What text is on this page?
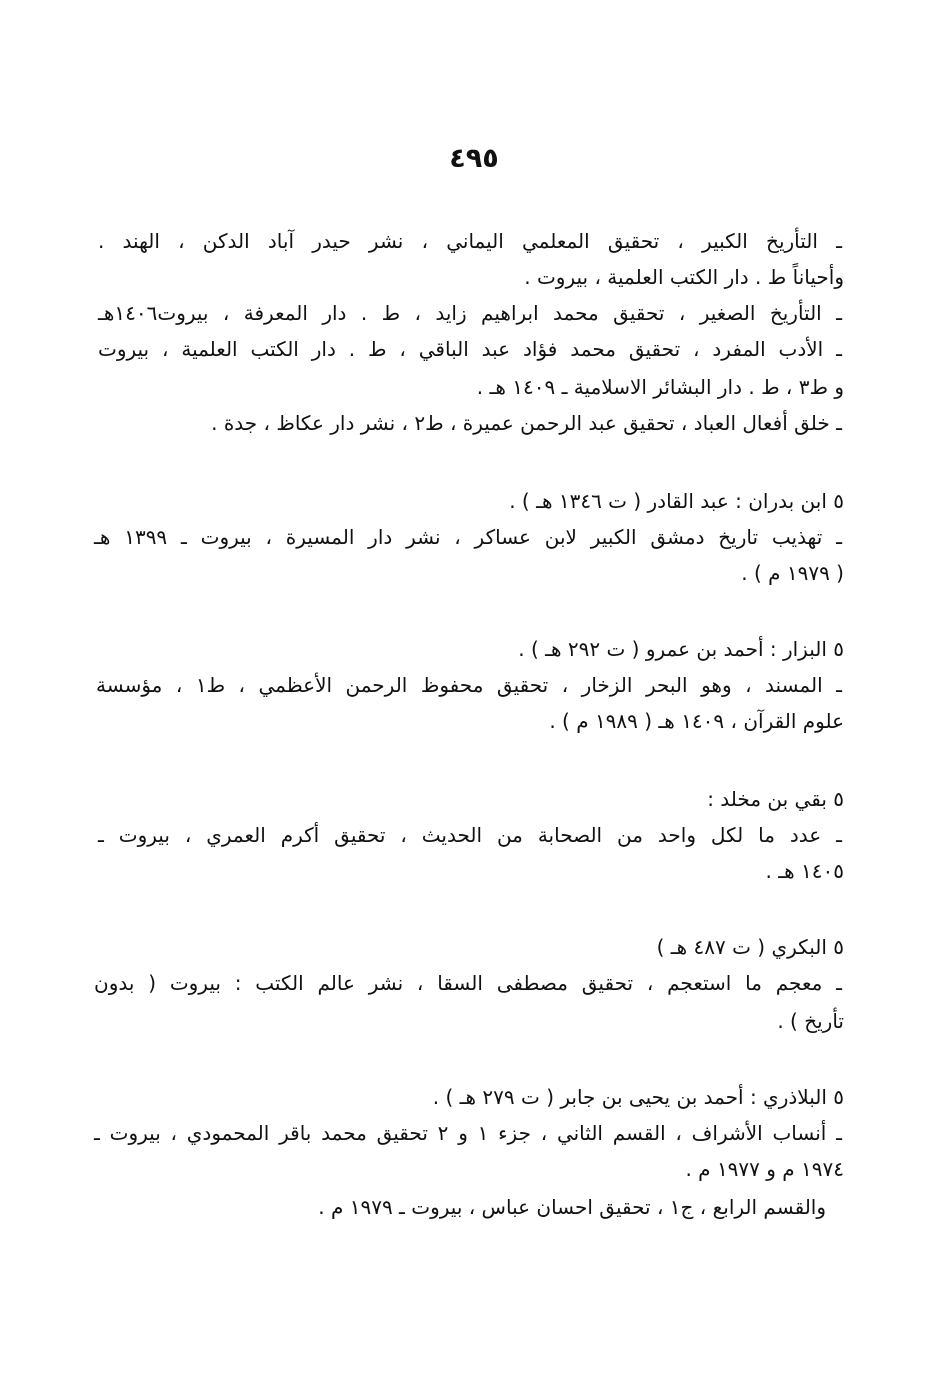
٤٩٥
ـ التأريخ الكبير ، تحقيق المعلمي اليماني ، نشر حيدر آباد الدكن ، الهند .
وأحياناً ط . دار الكتب العلمية ، بيروت .
ـ التأريخ الصغير ، تحقيق محمد ابراهيم زايد ، ط . دار المعرفة ، بيروت١٤٠٦هـ
ـ الأدب المفرد ، تحقيق محمد فؤاد عبد الباقي ، ط . دار الكتب العلمية ، بيروت
و ط٣ ، ط . دار البشائر الاسلامية ـ ١٤٠٩ هـ .
ـ خلق أفعال العباد ، تحقيق عبد الرحمن عميرة ، ط٢ ، نشر دار عكاظ ، جدة .
٥ ابن بدران : عبد القادر ( ت ١٣٤٦ هـ ) .
ـ تهذيب تاريخ دمشق الكبير لابن عساكر ، نشر دار المسيرة ، بيروت ـ ١٣٩٩ هـ
( ١٩٧٩ م ) .
٥ البزار : أحمد بن عمرو ( ت ٢٩٢ هـ ) .
ـ المسند ، وهو البحر الزخار ، تحقيق محفوظ الرحمن الأعظمي ، ط١ ، مؤسسة
علوم القرآن ، ١٤٠٩ هـ ( ١٩٨٩ م ) .
٥ بقي بن مخلد :
ـ عدد ما لكل واحد من الصحابة من الحديث ، تحقيق أكرم العمري ، بيروت ـ
١٤٠٥ هـ .
٥ البكري ( ت ٤٨٧ هـ )
ـ معجم ما استعجم ، تحقيق مصطفى السقا ، نشر عالم الكتب : بيروت ( بدون
تأريخ ) .
٥ البلاذري : أحمد بن يحيى بن جابر ( ت ٢٧٩ هـ ) .
ـ أنساب الأشراف ، القسم الثاني ، جزء ١ و ٢ تحقيق محمد باقر المحمودي ، بيروت ـ
١٩٧٤ م و ١٩٧٧ م .
والقسم الرابع ، ج١ ، تحقيق احسان عباس ، بيروت ـ ١٩٧٩ م .
